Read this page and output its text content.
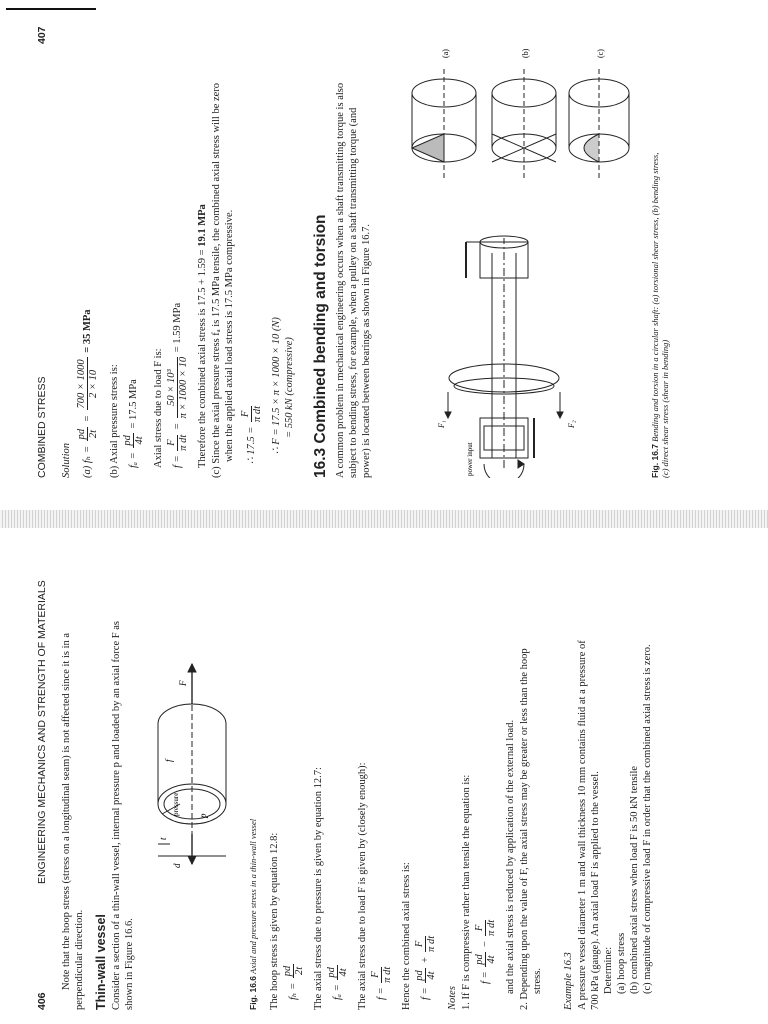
406
ENGINEERING MECHANICS AND STRENGTH OF MATERIALS Note that the hoop stress (stress on a longitudinal seam) is not affected since it is in a perpendicular direction. Thin-wall vessel Consider a section of a thin-wall vessel, internal pressure p and loaded by an axial force F as shown in Figure 16.6.
p
d
t
F
pressure
f
Fig. 16.6 Axial and pressure stress in a thin-wall vessel The hoop stress is given by equation 12.8: fₕ =
pd 2t The axial stress due to pressure is given by equation 12.7: fₐ =
pd 4t The axial stress due to load F is given by (closely enough): f =
F π dt Hence the combined axial stress is: f =
pd 4t
+
F π dt
Notes 1. If F is compressive rather than tensile the equation is: f =
pd 4t
−
F π dt and the axial stress is reduced by application of the external load. 2. Depending upon the value of F, the axial stress may be greater or less than the hoop stress. Example 16.3 A pressure vessel diameter 1 m and wall thickness 10 mm contains fluid at a pressure of 700 kPa (gauge). An axial load F is applied to the vessel. Determine: (a) hoop stress (b) combined axial stress when load F is 50 kN tensile (c) magnitude of compressive load F in order that the combined axial stress is zero.
COMBINED STRESS
407
Solution (a) fₕ =
pd 2t
=
700 × 1000 2 × 10
= 35 MPa
(b) Axial pressure stress is: fₐ =
pd 4t
= 17.5 MPa	Axial stress due to load F is: f =
F π dt
=
50 × 10³ π × 1000 × 10
= 1.59 MPa	Therefore the combined axial stress is 17.5 + 1.59 = 19.1 MPa (c) Since the axial pressure stress fₐ is 17.5 MPa tensile, the combined axial stress will be zero when the applied axial load stress is 17.5 MPa compressive.	∴ 17.5 =
F π dt ∴ F = 17.5 × π × 1000 × 10 (N) = 550 kN (compressive) 16.3 Combined bending and torsion A common problem in mechanical engineering occurs when a shaft transmitting torque is also subject to bending stress, for example, when a pulley on a shaft transmitting torque (and power) is located between bearings as shown in Figure 16.7.	power input
F₁	F₂
(a)	(b)	(c)
Fig. 16.7 Bending and torsion in a circular shaft: (a) torsional shear stress, (b) bending stress, (c) direct shear stress (shear in bending)
